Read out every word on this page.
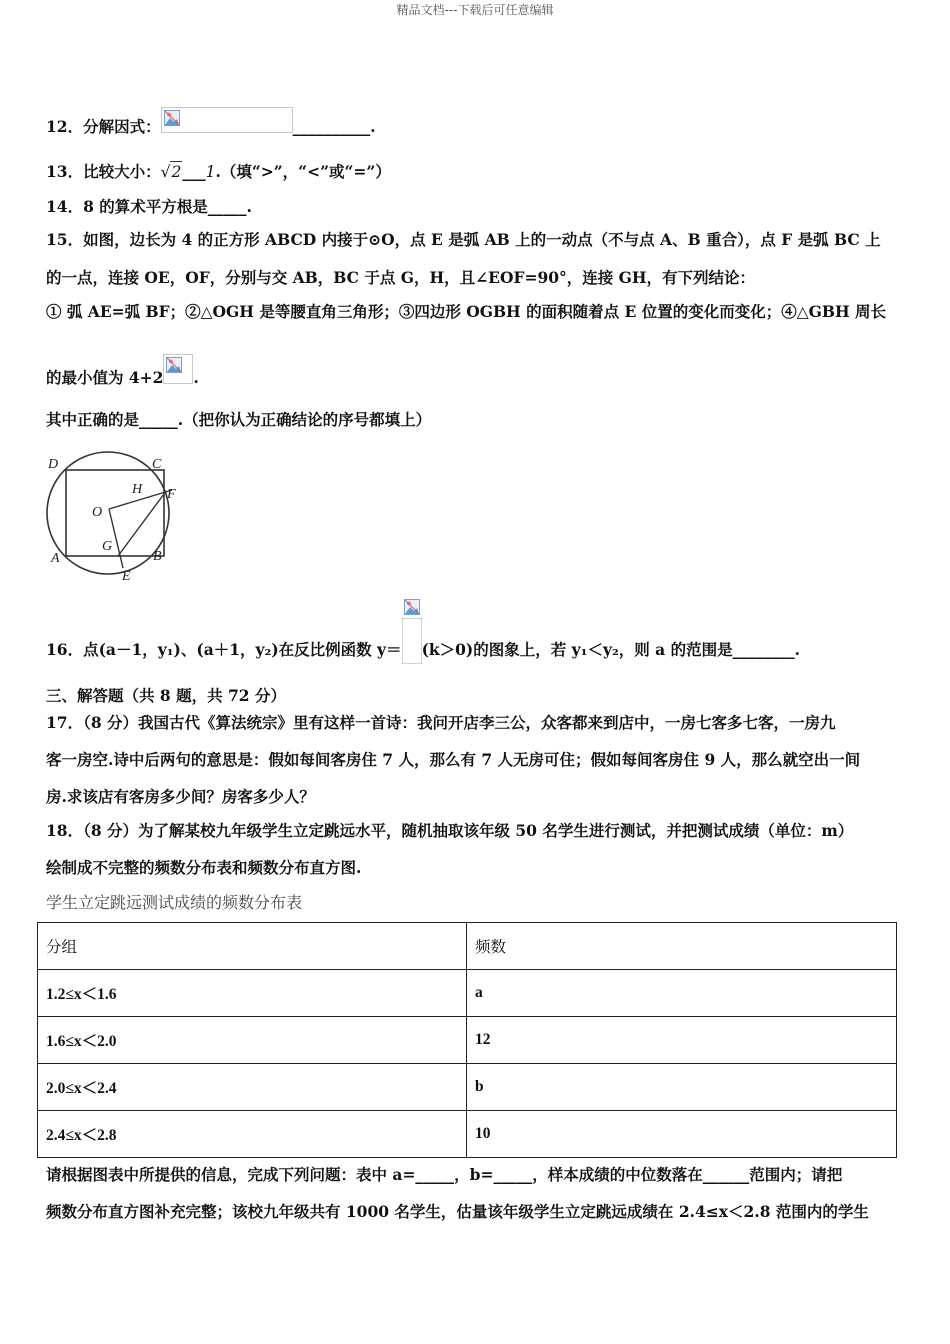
精品文档---下载后可任意编辑
12．分解因式：	__________.
13．比较大小：√2___1.（填“>”，“<”或“=”）
14．8 的算术平方根是_____.
15．如图，边长为 4 的正方形 ABCD 内接于⊙O，点 E 是弧 AB 上的一动点（不与点 A、B 重合），点 F 是弧 BC 上
的一点，连接 OE，OF，分别与交 AB，BC 于点 G，H，且∠EOF=90°，连接 GH，有下列结论：
① 弧 AE=弧 BF；②△OGH 是等腰直角三角形；③四边形 OGBH 的面积随着点 E 位置的变化而变化；④△GBH 周长
的最小值为 4+2 .
其中正确的是_____.（把你认为正确结论的序号都填上）
D	C
H F
O
G
A	B
E
16．点(a－1，y₁)、(a＋1，y₂)在反比例函数 y＝ (k＞0)的图象上，若 y₁＜y₂，则 a 的范围是________.
三、解答题（共 8 题，共 72 分）
17．（8 分）我国古代《算法统宗》里有这样一首诗：我问开店李三公，众客都来到店中，一房七客多七客，一房九
客一房空.诗中后两句的意思是：假如每间客房住 7 人，那么有 7 人无房可住；假如每间客房住 9 人，那么就空出一间
房.求该店有客房多少间？房客多少人？
18．（8 分）为了解某校九年级学生立定跳远水平，随机抽取该年级 50 名学生进行测试，并把测试成绩（单位：m）
绘制成不完整的频数分布表和频数分布直方图.
学生立定跳远测试成绩的频数分布表
分组	频数
1.2≤x＜1.6	a
1.6≤x＜2.0	12
2.0≤x＜2.4	b
2.4≤x＜2.8	10
请根据图表中所提供的信息，完成下列问题：表中 a=_____，b=_____，样本成绩的中位数落在______范围内；请把
频数分布直方图补充完整；该校九年级共有 1000 名学生，估量该年级学生立定跳远成绩在 2.4≤x＜2.8 范围内的学生
